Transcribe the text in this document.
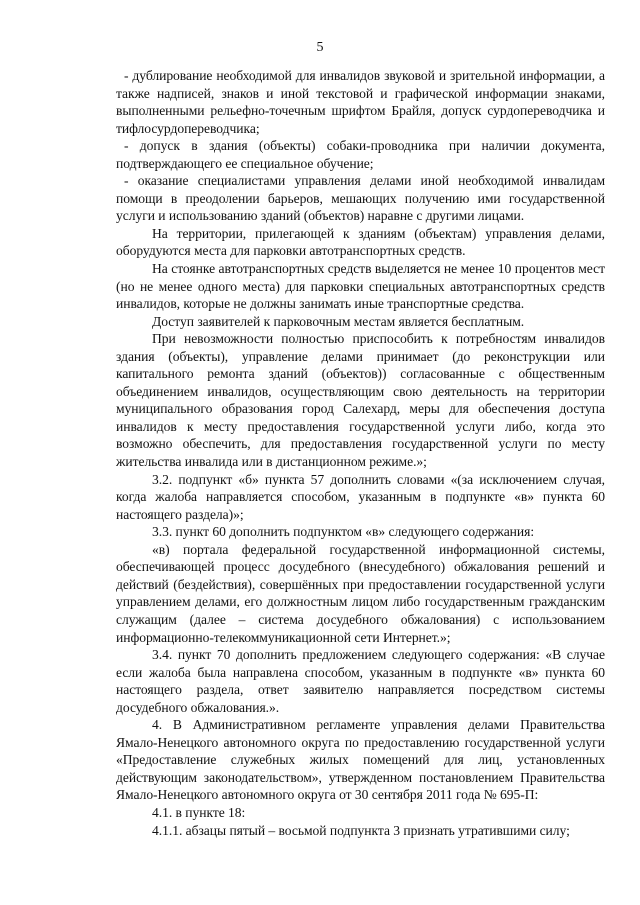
5

- дублирование необходимой для инвалидов звуковой и зрительной информации, а также надписей, знаков и иной текстовой и графической информации знаками, выполненными рельефно-точечным шрифтом Брайля, допуск сурдопереводчика и тифлосурдопереводчика;

- допуск в здания (объекты) собаки-проводника при наличии документа, подтверждающего ее специальное обучение;

- оказание специалистами управления делами иной необходимой инвалидам помощи в преодолении барьеров, мешающих получению ими государственной услуги и использованию зданий (объектов) наравне с другими лицами.

На территории, прилегающей к зданиям (объектам) управления делами, оборудуются места для парковки автотранспортных средств.

На стоянке автотранспортных средств выделяется не менее 10 процентов мест (но не менее одного места) для парковки специальных автотранспортных средств инвалидов, которые не должны занимать иные транспортные средства.

Доступ заявителей к парковочным местам является бесплатным.

При невозможности полностью приспособить к потребностям инвалидов здания (объекты), управление делами принимает (до реконструкции или капитального ремонта зданий (объектов)) согласованные с общественным объединением инвалидов, осуществляющим свою деятельность на территории муниципального образования город Салехард, меры для обеспечения доступа инвалидов к месту предоставления государственной услуги либо, когда это возможно обеспечить, для предоставления государственной услуги по месту жительства инвалида или в дистанционном режиме.»;

3.2. подпункт «б» пункта 57 дополнить словами «(за исключением случая, когда жалоба направляется способом, указанным в подпункте «в» пункта 60 настоящего раздела)»;

3.3. пункт 60 дополнить подпунктом «в» следующего содержания:

«в) портала федеральной государственной информационной системы, обеспечивающей процесс досудебного (внесудебного) обжалования решений и действий (бездействия), совершённых при предоставлении государственной услуги управлением делами, его должностным лицом либо государственным гражданским служащим (далее – система досудебного обжалования) с использованием информационно-телекоммуникационной сети Интернет.»;

3.4. пункт 70 дополнить предложением следующего содержания: «В случае если жалоба была направлена способом, указанным в подпункте «в» пункта 60 настоящего раздела, ответ заявителю направляется посредством системы досудебного обжалования.».

4. В Административном регламенте управления делами Правительства Ямало-Ненецкого автономного округа по предоставлению государственной услуги «Предоставление служебных жилых помещений для лиц, установленных действующим законодательством», утвержденном постановлением Правительства Ямало-Ненецкого автономного округа от 30 сентября 2011 года № 695-П:

4.1. в пункте 18:

4.1.1. абзацы пятый – восьмой подпункта 3 признать утратившими силу;
